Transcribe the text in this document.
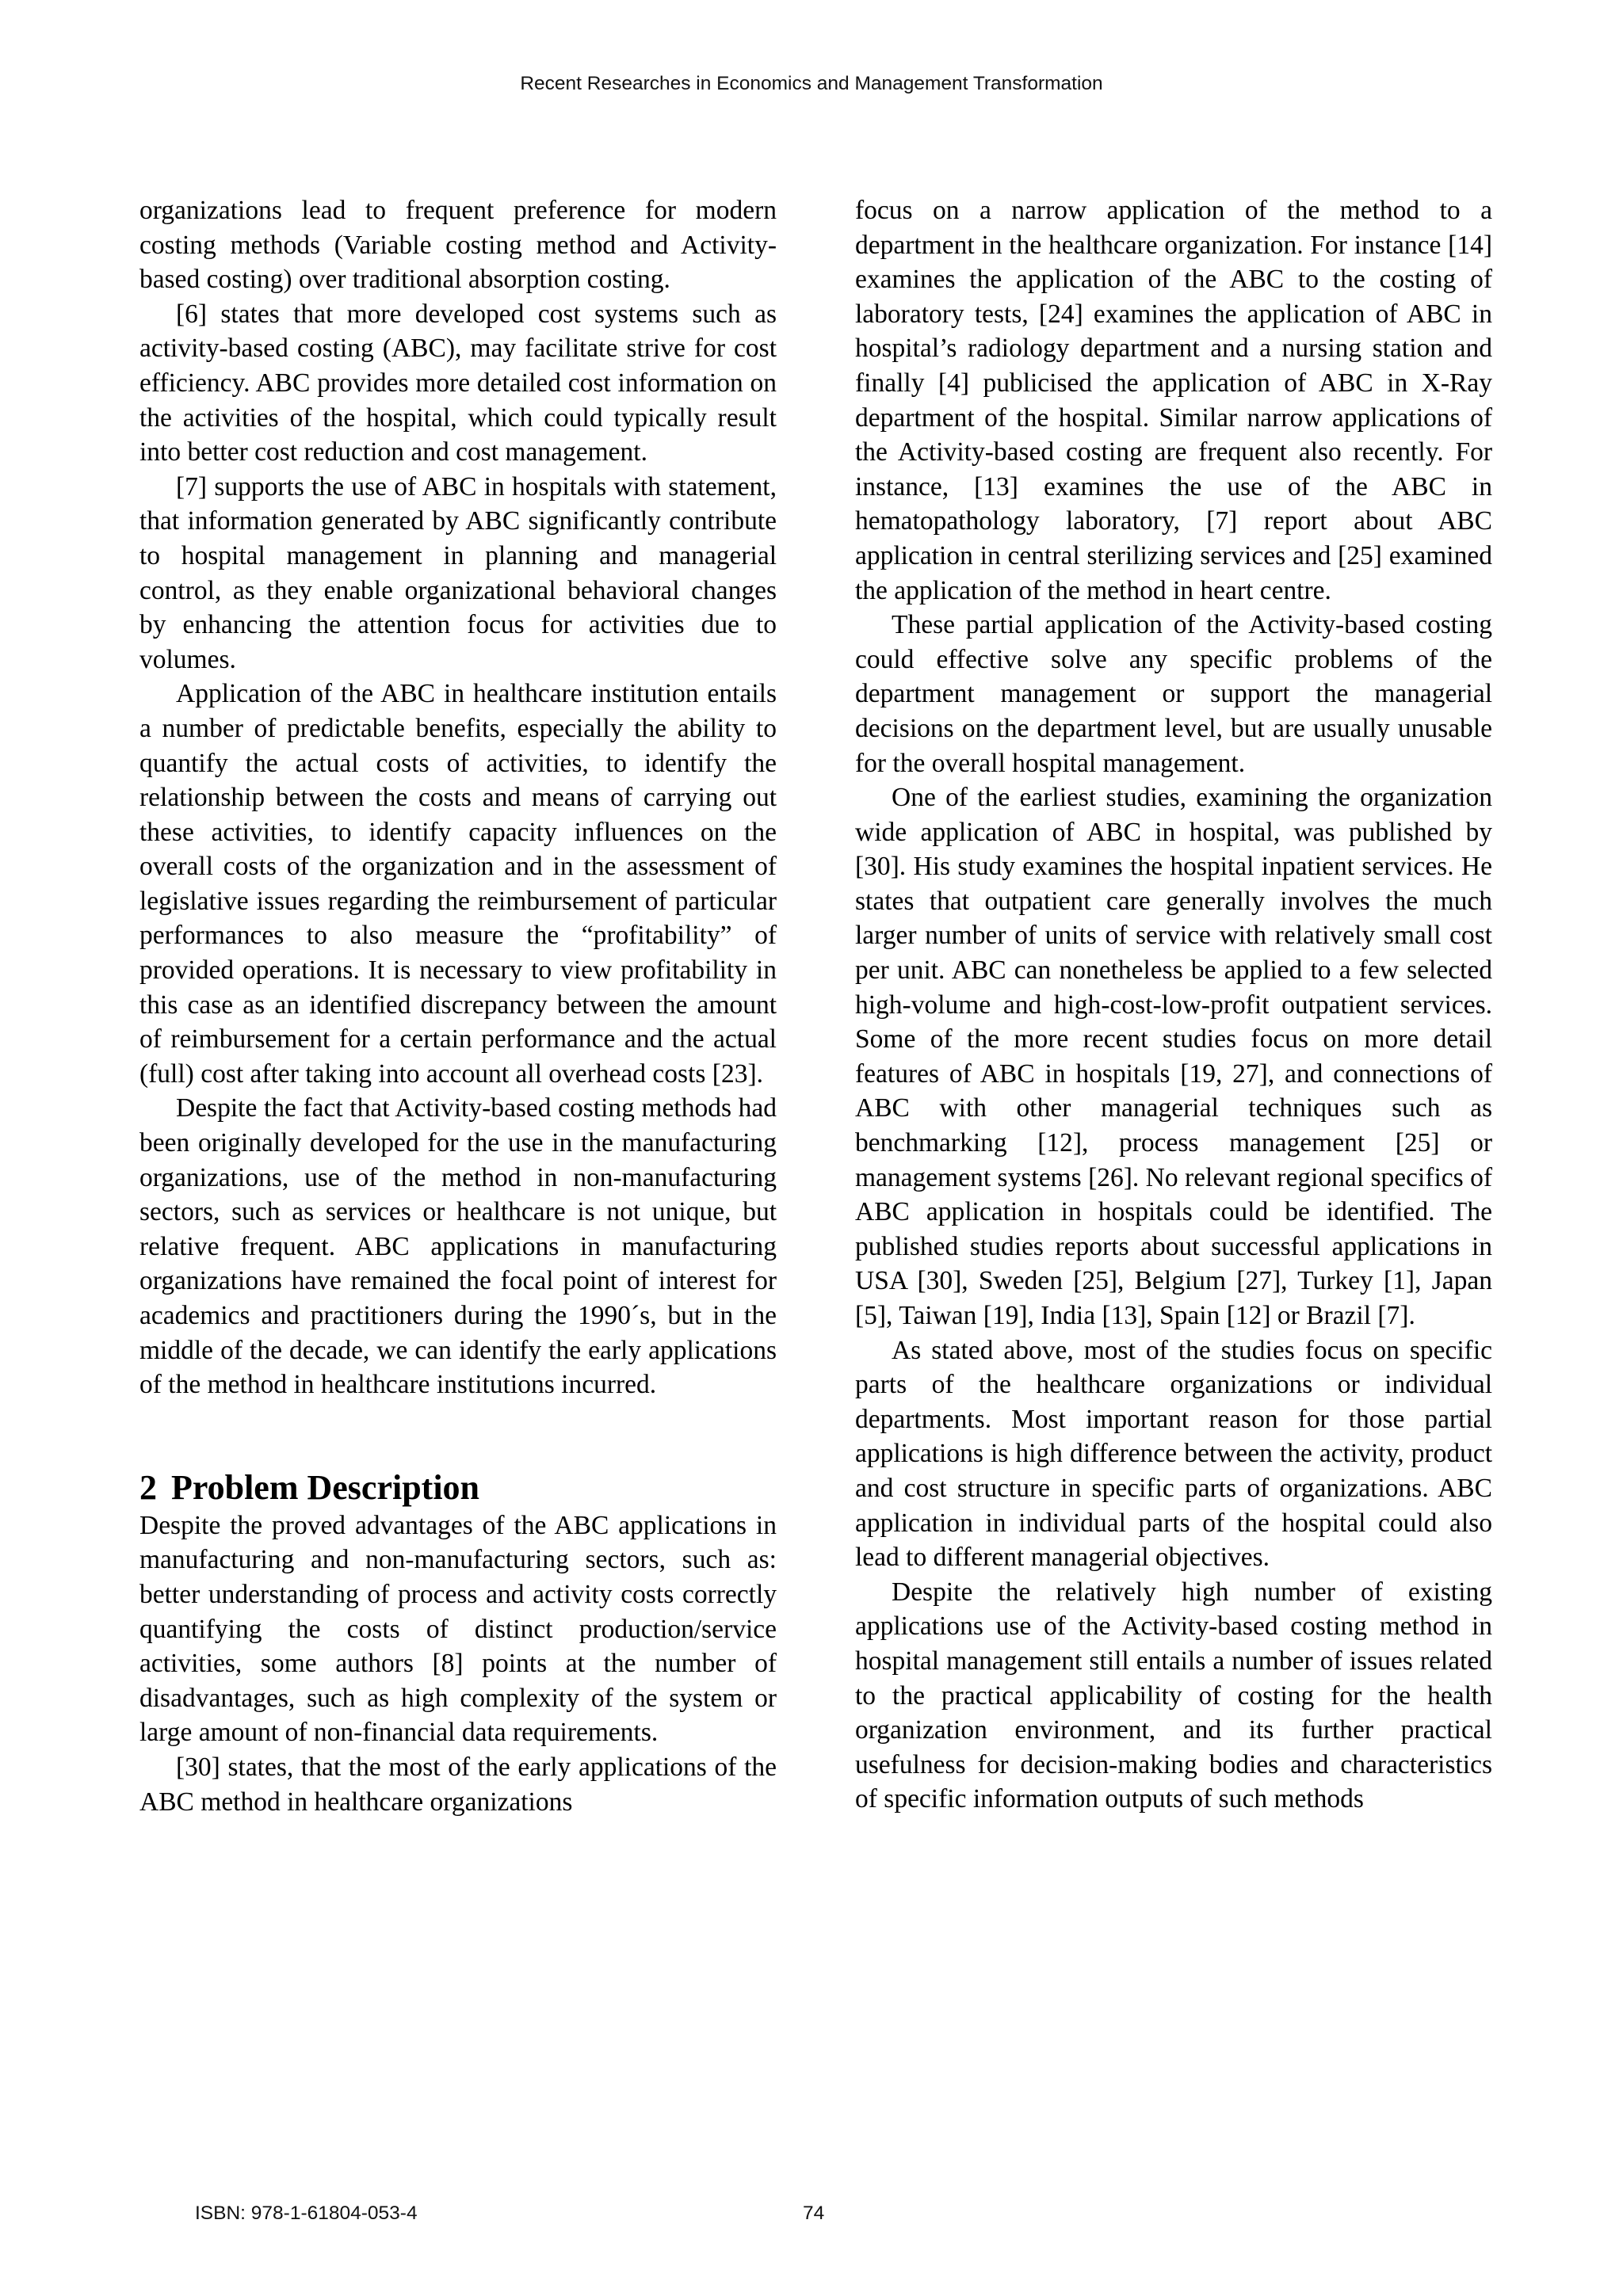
Recent Researches in Economics and Management Transformation

organizations lead to frequent preference for modern costing methods (Variable costing method and Activity-based costing) over traditional absorption costing.

[6] states that more developed cost systems such as activity-based costing (ABC), may facilitate strive for cost efficiency. ABC provides more detailed cost information on the activities of the hospital, which could typically result into better cost reduction and cost management.

[7] supports the use of ABC in hospitals with statement, that information generated by ABC significantly contribute to hospital management in planning and managerial control, as they enable organizational behavioral changes by enhancing the attention focus for activities due to volumes.

Application of the ABC in healthcare institution entails a number of predictable benefits, especially the ability to quantify the actual costs of activities, to identify the relationship between the costs and means of carrying out these activities, to identify capacity influences on the overall costs of the organization and in the assessment of legislative issues regarding the reimbursement of particular performances to also measure the “profitability” of provided operations. It is necessary to view profitability in this case as an identified discrepancy between the amount of reimbursement for a certain performance and the actual (full) cost after taking into account all overhead costs [23].

Despite the fact that Activity-based costing methods had been originally developed for the use in the manufacturing organizations, use of the method in non-manufacturing sectors, such as services or healthcare is not unique, but relative frequent. ABC applications in manufacturing organizations have remained the focal point of interest for academics and practitioners during the 1990´s, but in the middle of the decade, we can identify the early applications of the method in healthcare institutions incurred.

2 Problem Description

Despite the proved advantages of the ABC applications in manufacturing and non-manufacturing sectors, such as: better understanding of process and activity costs correctly quantifying the costs of distinct production/service activities, some authors [8] points at the number of disadvantages, such as high complexity of the system or large amount of non-financial data requirements.

[30] states, that the most of the early applications of the ABC method in healthcare organizations

focus on a narrow application of the method to a department in the healthcare organization. For instance [14] examines the application of the ABC to the costing of laboratory tests, [24] examines the application of ABC in hospital’s radiology department and a nursing station and finally [4] publicised the application of ABC in X-Ray department of the hospital. Similar narrow applications of the Activity-based costing are frequent also recently. For instance, [13] examines the use of the ABC in hematopathology laboratory, [7] report about ABC application in central sterilizing services and [25] examined the application of the method in heart centre.

These partial application of the Activity-based costing could effective solve any specific problems of the department management or support the managerial decisions on the department level, but are usually unusable for the overall hospital management.

One of the earliest studies, examining the organization wide application of ABC in hospital, was published by [30]. His study examines the hospital inpatient services. He states that outpatient care generally involves the much larger number of units of service with relatively small cost per unit. ABC can nonetheless be applied to a few selected high-volume and high-cost-low-profit outpatient services. Some of the more recent studies focus on more detail features of ABC in hospitals [19, 27], and connections of ABC with other managerial techniques such as benchmarking [12], process management [25] or management systems [26]. No relevant regional specifics of ABC application in hospitals could be identified. The published studies reports about successful applications in USA [30], Sweden [25], Belgium [27], Turkey [1], Japan [5], Taiwan [19], India [13], Spain [12] or Brazil [7].

As stated above, most of the studies focus on specific parts of the healthcare organizations or individual departments. Most important reason for those partial applications is high difference between the activity, product and cost structure in specific parts of organizations. ABC application in individual parts of the hospital could also lead to different managerial objectives.

Despite the relatively high number of existing applications use of the Activity-based costing method in hospital management still entails a number of issues related to the practical applicability of costing for the health organization environment, and its further practical usefulness for decision-making bodies and characteristics of specific information outputs of such methods

ISBN: 978-1-61804-053-4	74
